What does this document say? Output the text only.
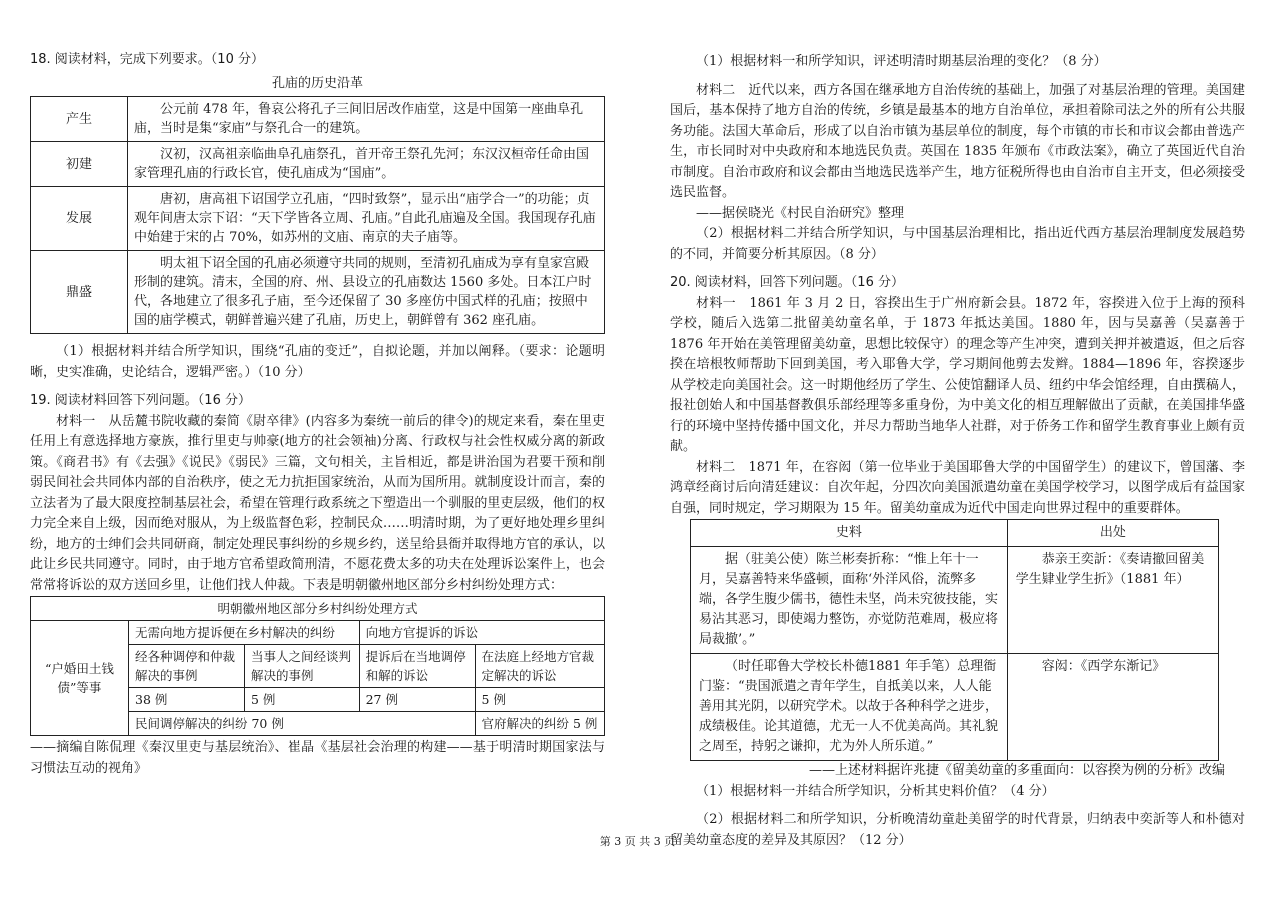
18. 阅读材料，完成下列要求。（10 分）

孔庙的历史沿革

产生	公元前 478 年，鲁哀公将孔子三间旧居改作庙堂，这是中国第一座曲阜孔庙，当时是集“家庙”与祭孔合一的建筑。
初建	汉初，汉高祖亲临曲阜孔庙祭孔，首开帝王祭孔先河；东汉汉桓帝任命由国家管理孔庙的行政长官，使孔庙成为“国庙”。
发展	唐初，唐高祖下诏国学立孔庙，“四时致祭”，显示出“庙学合一”的功能；贞观年间唐太宗下诏：“天下学皆各立周、孔庙。”自此孔庙遍及全国。我国现存孔庙中始建于宋的占 70%，如苏州的文庙、南京的夫子庙等。
鼎盛	明太祖下诏全国的孔庙必须遵守共同的规则，至清初孔庙成为享有皇家宫殿形制的建筑。清末，全国的府、州、县设立的孔庙数达 1560 多处。日本江户时代，各地建立了很多孔子庙，至今还保留了 30 多座仿中国式样的孔庙；按照中国的庙学模式，朝鲜普遍兴建了孔庙，历史上，朝鲜曾有 362 座孔庙。

（1）根据材料并结合所学知识，围绕“孔庙的变迁”，自拟论题，并加以阐释。（要求：论题明晰，史实准确，史论结合，逻辑严密。）（10 分）

19. 阅读材料回答下列问题。（16 分）

材料一　从岳麓书院收藏的秦简《尉卒律》(内容多为秦统一前后的律令)的规定来看，秦在里吏任用上有意选择地方豪族，推行里吏与帅豪(地方的社会领袖)分离、行政权与社会性权威分离的新政策。《商君书》有《去强》《说民》《弱民》三篇，文句相关，主旨相近，都是讲治国为君要干预和削弱民间社会共同体内部的自治秩序，使之无力抗拒国家统治，从而为国所用。就制度设计而言，秦的立法者为了最大限度控制基层社会，希望在管理行政系统之下塑造出一个驯服的里吏层级，他们的权力完全来自上级，因而绝对服从，为上级监督色彩，控制民众……明清时期，为了更好地处理乡里纠纷，地方的士绅们会共同研商，制定处理民事纠纷的乡规乡约，送呈给县衙并取得地方官的承认，以此让乡民共同遵守。同时，由于地方官希望政简刑清，不愿花费太多的功夫在处理诉讼案件上，也会常常将诉讼的双方送回乡里，让他们找人仲裁。下表是明朝徽州地区部分乡村纠纷处理方式：

明朝徽州地区部分乡村纠纷处理方式				
“户婚田土钱债”等事	无需向地方提诉便在乡村解决的纠纷		向地方官提诉的诉讼	
	经各种调停和仲裁解决的事例	当事人之间经谈判解决的事例	提诉后在当地调停和解的诉讼	在法庭上经地方官裁定解决的诉讼
	38 例	5 例	27 例	5 例
	民间调停解决的纠纷 70 例			官府解决的纠纷 5 例

——摘编自陈侃理《秦汉里吏与基层统治》、崔晶《基层社会治理的构建——基于明清时期国家法与习惯法互动的视角》

（1）根据材料一和所学知识，评述明清时期基层治理的变化？（8 分）

材料二　近代以来，西方各国在继承地方自治传统的基础上，加强了对基层治理的管理。美国建国后，基本保持了地方自治的传统，乡镇是最基本的地方自治单位，承担着除司法之外的所有公共服务功能。法国大革命后，形成了以自治市镇为基层单位的制度，每个市镇的市长和市议会都由普选产生，市长同时对中央政府和本地选民负责。英国在 1835 年颁布《市政法案》，确立了英国近代自治市制度。自治市政府和议会都由当地选民选举产生，地方征税所得也由自治市自主开支，但必须接受选民监督。

——据侯晓光《村民自治研究》整理

（2）根据材料二并结合所学知识，与中国基层治理相比，指出近代西方基层治理制度发展趋势的不同，并简要分析其原因。（8 分）

20. 阅读材料，回答下列问题。（16 分）

材料一　1861 年 3 月 2 日，容揆出生于广州府新会县。1872 年，容揆进入位于上海的预科学校，随后入选第二批留美幼童名单，于 1873 年抵达美国。1880 年，因与吴嘉善（吴嘉善于 1876 年开始在美管理留美幼童，思想比较保守）的理念等产生冲突，遭到关押并被遣返，但之后容揆在培根牧师帮助下回到美国，考入耶鲁大学，学习期间他剪去发辫。1884—1896 年，容揆逐步从学校走向美国社会。这一时期他经历了学生、公使馆翻译人员、纽约中华会馆经理，自由撰稿人，报社创始人和中国基督教俱乐部经理等多重身份，为中美文化的相互理解做出了贡献，在美国排华盛行的环境中坚持传播中国文化，并尽力帮助当地华人社群，对于侨务工作和留学生教育事业上颇有贡献。

材料二　1871 年，在容闳（第一位毕业于美国耶鲁大学的中国留学生）的建议下，曾国藩、李鸿章经商讨后向清廷建议：自次年起，分四次向美国派遣幼童在美国学校学习，以图学成后有益国家自强，同时规定，学习期限为 15 年。留美幼童成为近代中国走向世界过程中的重要群体。

史料	出处
据（驻美公使）陈兰彬奏折称：“惟上年十一月，吴嘉善特来华盛顿，面称‘外洋风俗，流弊多端，各学生腹少儒书，德性未坚，尚未究彼技能，实易沾其恶习，即使竭力整饬，亦觉防范难周，极应将局裁撤’。”	恭亲王奕訢：《奏请撤回留美学生肄业学生折》（1881 年）
（时任耶鲁大学校长朴德1881 年手笔）总理衙门鉴：“贵国派遣之青年学生，自抵美以来，人人能善用其光阴，以研究学术。以故于各种科学之进步，成绩极佳。论其道德，尤无一人不优美高尚。其礼貌之周至，持躬之谦抑，尤为外人所乐道。”	容闳：《西学东渐记》

——上述材料据许兆捷《留美幼童的多重面向：以容揆为例的分析》改编

（1）根据材料一并结合所学知识，分析其史料价值？（4 分）

（2）根据材料二和所学知识，分析晚清幼童赴美留学的时代背景，归纳表中奕訢等人和朴德对留美幼童态度的差异及其原因？（12 分）

第 3 页 共 3 页
